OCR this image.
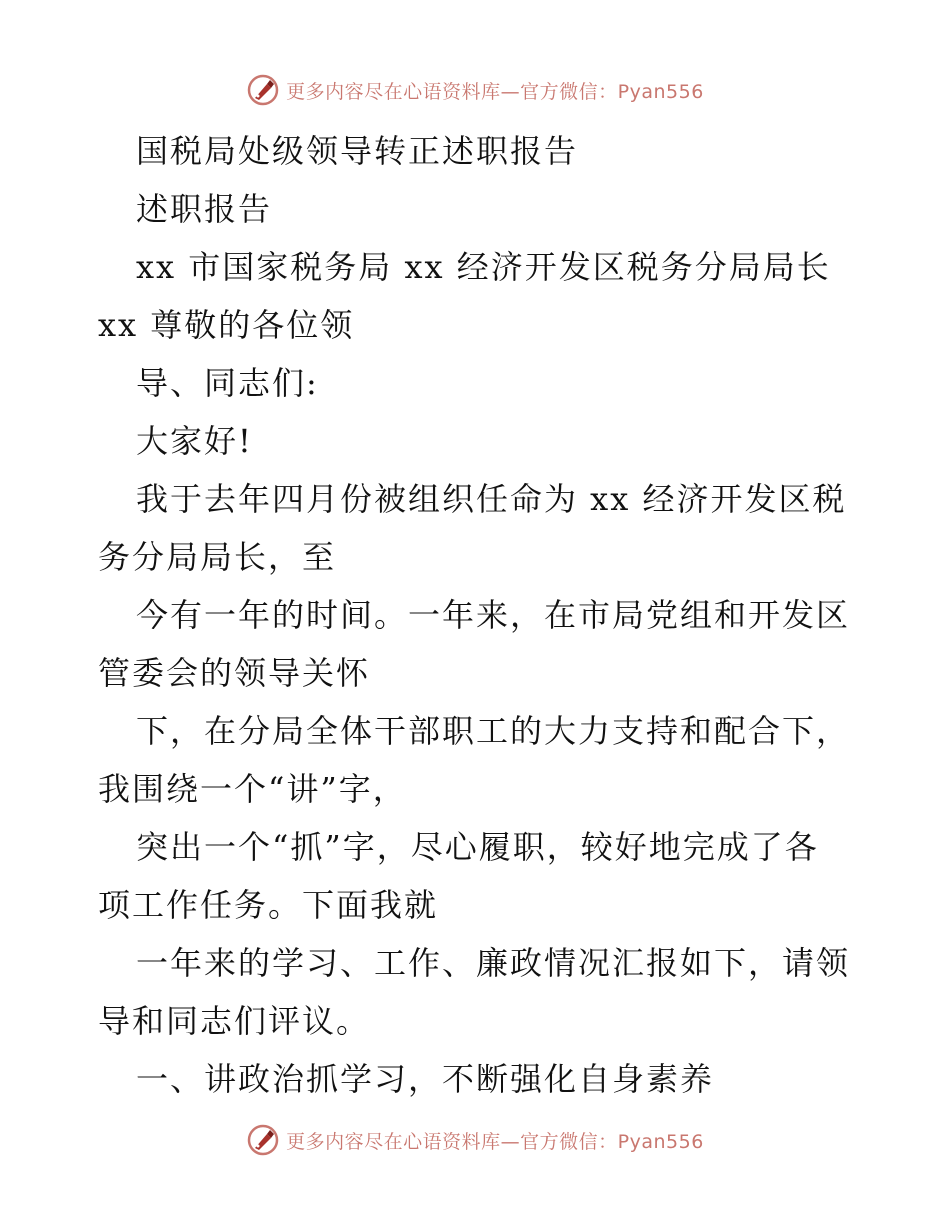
更多内容尽在心语资料库—官方微信：Pyan556
国税局处级领导转正述职报告
述职报告
xx 市国家税务局 xx 经济开发区税务分局局长
xx 尊敬的各位领
导、同志们:
大家好!
我于去年四月份被组织任命为 xx 经济开发区税
务分局局长，至
今有一年的时间。一年来，在市局党组和开发区
管委会的领导关怀
下，在分局全体干部职工的大力支持和配合下，
我围绕一个“讲”字，
突出一个“抓”字，尽心履职，较好地完成了各
项工作任务。下面我就
一年来的学习、工作、廉政情况汇报如下，请领
导和同志们评议。
一、讲政治抓学习，不断强化自身素养
更多内容尽在心语资料库—官方微信：Pyan556
